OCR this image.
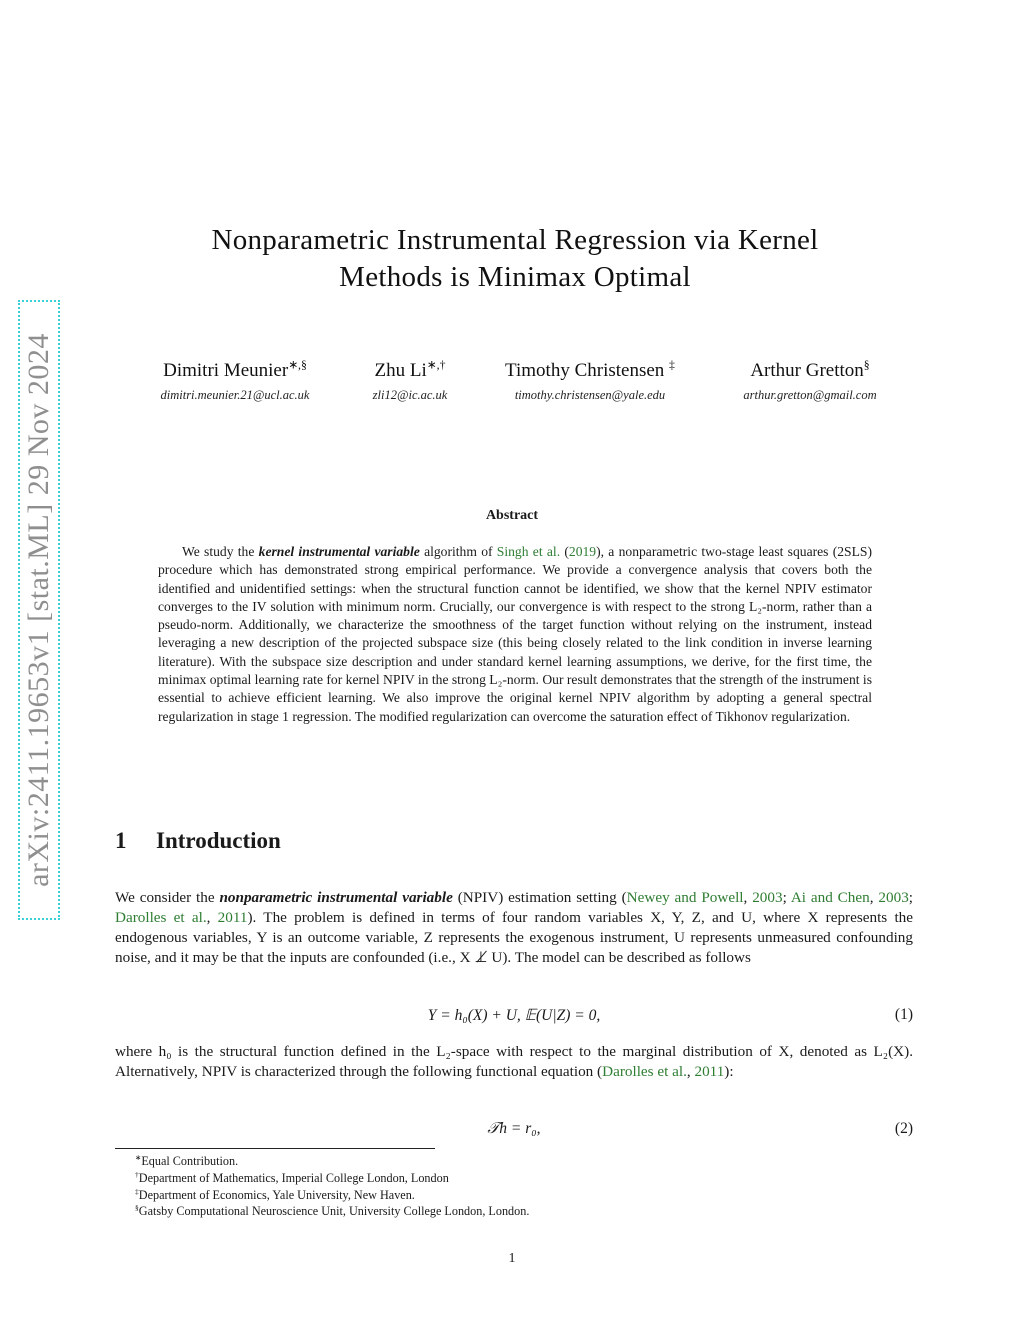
arXiv:2411.19653v1 [stat.ML] 29 Nov 2024
Nonparametric Instrumental Regression via Kernel
Methods is Minimax Optimal
Dimitri Meunier∗,§
dimitri.meunier.21@ucl.ac.uk
Zhu Li∗,†
zli12@ic.ac.uk
Timothy Christensen ‡
timothy.christensen@yale.edu
Arthur Gretton§
arthur.gretton@gmail.com
Abstract
We study the kernel instrumental variable algorithm of Singh et al. (2019), a nonparametric two-stage least squares (2SLS) procedure which has demonstrated strong empirical performance. We provide a convergence analysis that covers both the identified and unidentified settings: when the structural function cannot be identified, we show that the kernel NPIV estimator converges to the IV solution with minimum norm. Crucially, our convergence is with respect to the strong L₂-norm, rather than a pseudo-norm. Additionally, we characterize the smoothness of the target function without relying on the instrument, instead leveraging a new description of the projected subspace size (this being closely related to the link condition in inverse learning literature). With the subspace size description and under standard kernel learning assumptions, we derive, for the first time, the minimax optimal learning rate for kernel NPIV in the strong L₂-norm. Our result demonstrates that the strength of the instrument is essential to achieve efficient learning. We also improve the original kernel NPIV algorithm by adopting a general spectral regularization in stage 1 regression. The modified regularization can overcome the saturation effect of Tikhonov regularization.
1 Introduction
We consider the nonparametric instrumental variable (NPIV) estimation setting (Newey and Powell, 2003; Ai and Chen, 2003; Darolles et al., 2011). The problem is defined in terms of four random variables X, Y, Z, and U, where X represents the endogenous variables, Y is an outcome variable, Z represents the exogenous instrument, U represents unmeasured confounding noise, and it may be that the inputs are confounded (i.e., X ⊥̸ U). The model can be described as follows
Y = h₀(X) + U, 𝔼(U|Z) = 0,	(1)
where h₀ is the structural function defined in the L₂-space with respect to the marginal distribution of X, denoted as L₂(X). Alternatively, NPIV is characterized through the following functional equation (Darolles et al., 2011):
𝒯h = r₀,	(2)
∗Equal Contribution.
†Department of Mathematics, Imperial College London, London
‡Department of Economics, Yale University, New Haven.
§Gatsby Computational Neuroscience Unit, University College London, London.
1
